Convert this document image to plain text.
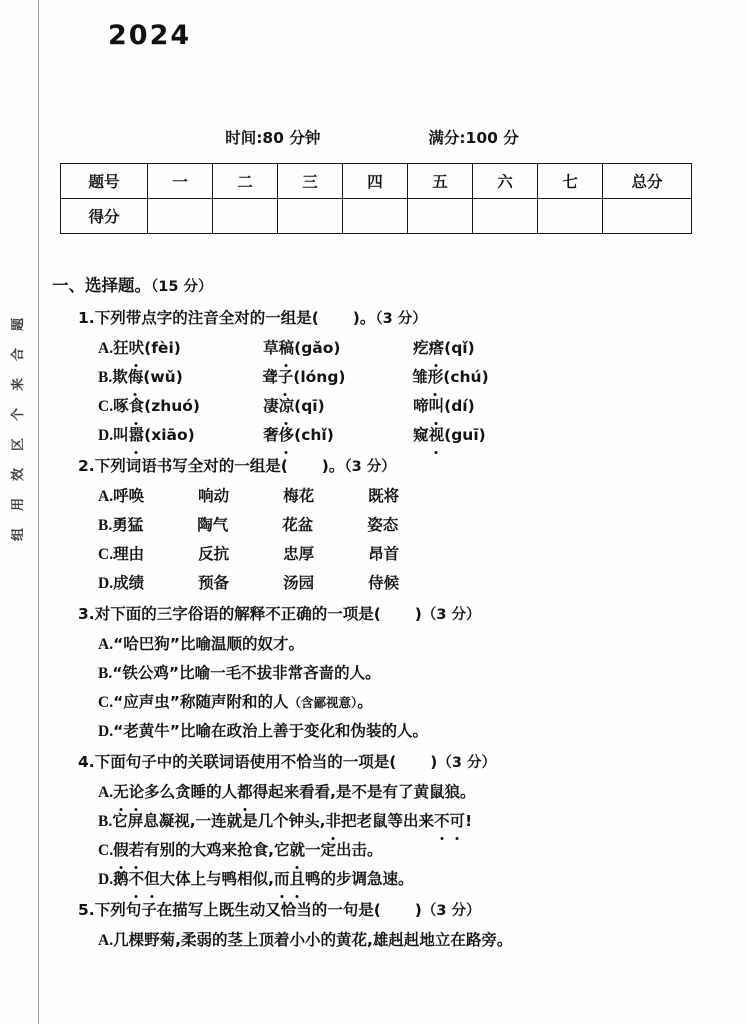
题
合
来
个
区
效
用
组
2024
时间:80 分钟	满分:100 分
题号	一	二	三	四	五	六	七	总分
得分								
一、选择题。（15 分）
1.下列带点字的注音全对的一组是( )。（3 分）
A.狂吠(fèi)	草稿(gǎo)	疙瘩(qǐ)
B.欺侮(wǔ)	聋子(lóng)	雏形(chú)
C.啄食(zhuó)	凄凉(qī)	啼叫(dí)
D.叫嚣(xiāo)	奢侈(chǐ)	窥视(guī)
2.下列词语书写全对的一组是( )。（3 分）
A.呼唤	响动	梅花	既将
B.勇猛	陶气	花盆	姿态
C.理由	反抗	忠厚	昂首
D.成绩	预备	汤园	侍候
3.对下面的三字俗语的解释不正确的一项是( )（3 分）
A.“哈巴狗”比喻温顺的奴才。
B.“铁公鸡”比喻一毛不拔非常吝啬的人。
C.“应声虫”称随声附和的人（含鄙视意）。
D.“老黄牛”比喻在政治上善于变化和伪装的人。
4.下面句子中的关联词语使用不恰当的一项是( )（3 分）
A.无论多么贪睡的人都得起来看看,是不是有了黄鼠狼。
B.它屏息凝视,一连就是几个钟头,非把老鼠等出来不可!
C.假若有别的大鸡来抢食,它就一定出击。
D.鹅不但大体上与鸭相似,而且鸭的步调急速。
5.下列句子在描写上既生动又恰当的一句是( )（3 分）
A.几棵野菊,柔弱的茎上顶着小小的黄花,雄赳赳地立在路旁。
